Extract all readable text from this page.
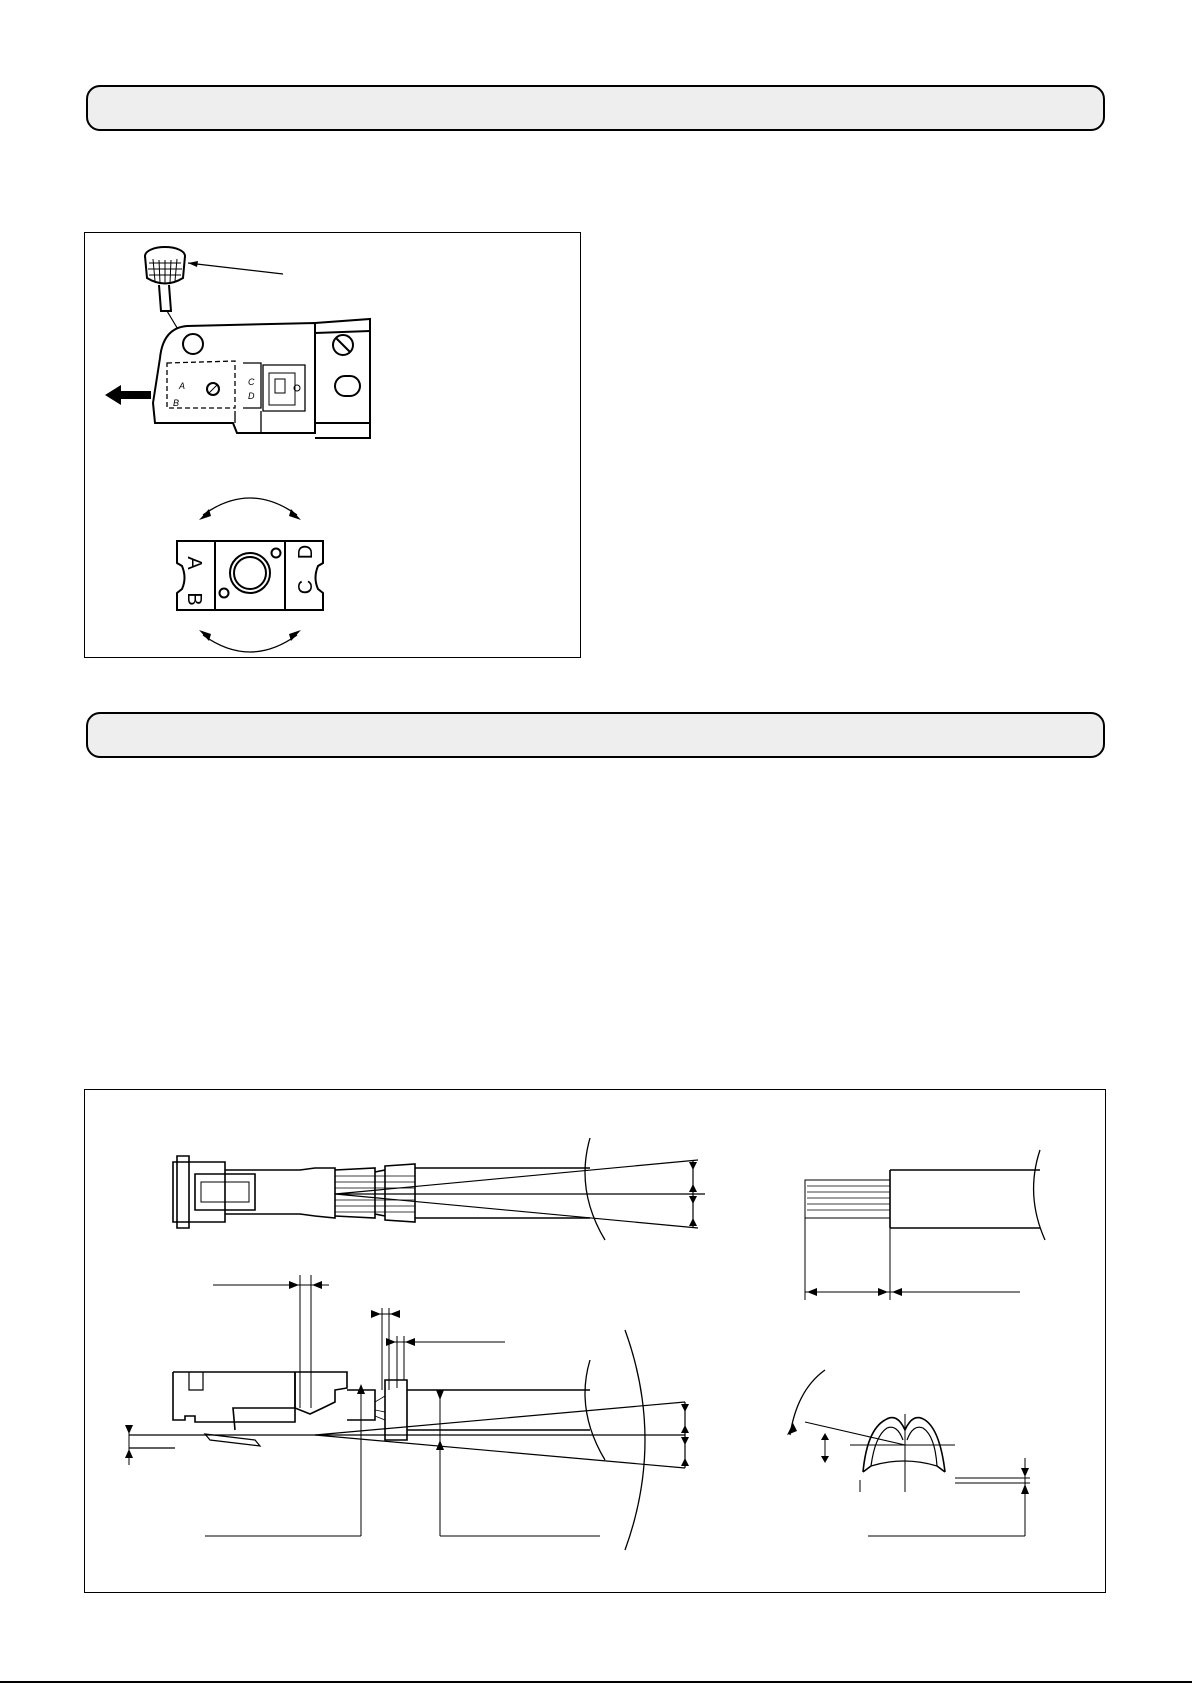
A
B
C
D
A
B
C
D
